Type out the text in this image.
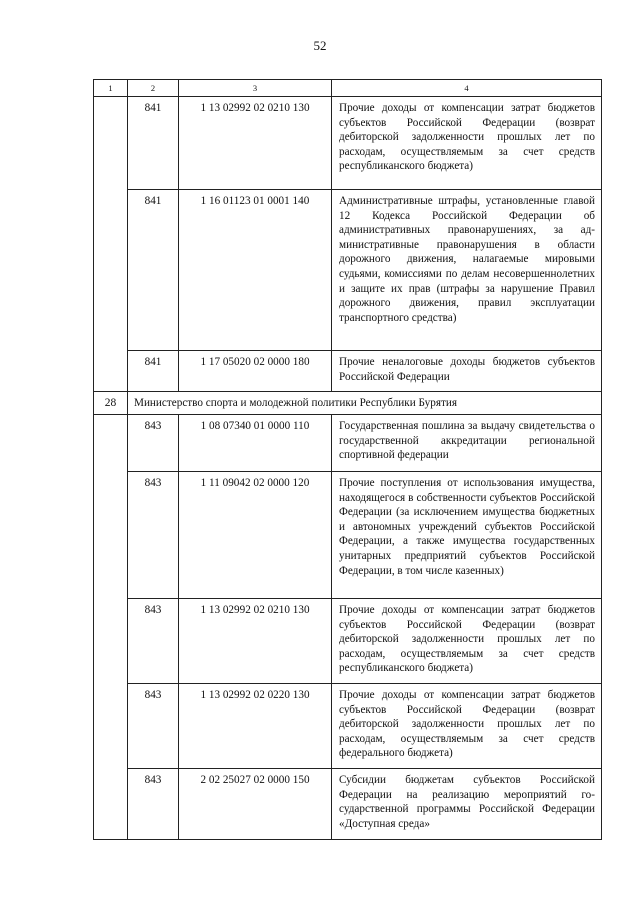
52
1	2	3	4
	841	1 13 02992 02 0210 130	Прочие доходы от компенсации затрат бюджетов субъектов Российской Федерации (возврат дебиторской задолженности прошлых лет по расходам, осуществляемым за счет средств республиканского бюджета)
	841	1 16 01123 01 0001 140	Административные штрафы, установленные главой 12 Кодекса Российской Федерации об административных правонарушениях, за административные правонарушения в области дорожного движения, налагаемые мировыми судьями, комиссиями по делам несовершеннолетних и защите их прав (штрафы за нарушение Правил дорожного движения, правил эксплуатации транспортного средства)
	841	1 17 05020 02 0000 180	Прочие неналоговые доходы бюджетов субъектов Российской Федерации
28	Министерство спорта и молодежной политики Республики Бурятия		
	843	1 08 07340 01 0000 110	Государственная пошлина за выдачу свидетельства о государственной аккредитации региональной спортивной федерации
	843	1 11 09042 02 0000 120	Прочие поступления от использования имущества, находящегося в собственности субъектов Российской Федерации (за исключением имущества бюджетных и автономных учреждений субъектов Российской Федерации, а также имущества государственных унитарных предприятий субъектов Российской Федерации, в том числе казенных)
	843	1 13 02992 02 0210 130	Прочие доходы от компенсации затрат бюджетов субъектов Российской Федерации (возврат дебиторской задолженности прошлых лет по расходам, осуществляемым за счет средств республиканского бюджета)
	843	1 13 02992 02 0220 130	Прочие доходы от компенсации затрат бюджетов субъектов Российской Федерации (возврат дебиторской задолженности прошлых лет по расходам, осуществляемым за счет средств федерального бюджета)
	843	2 02 25027 02 0000 150	Субсидии бюджетам субъектов Российской Федерации на реализацию мероприятий государственной программы Российской Федерации «Доступная среда»
